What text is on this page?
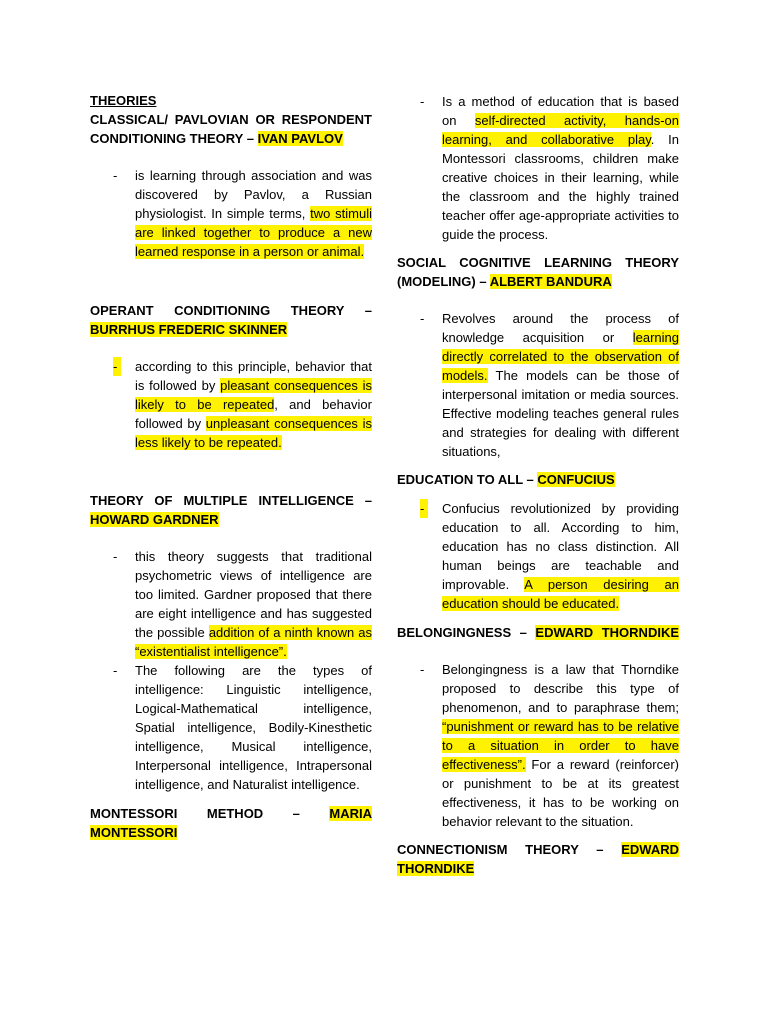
THEORIES
CLASSICAL/ PAVLOVIAN OR RESPONDENT CONDITIONING THEORY – IVAN PAVLOV
- is learning through association and was discovered by Pavlov, a Russian physiologist. In simple terms, two stimuli are linked together to produce a new learned response in a person or animal.
OPERANT CONDITIONING THEORY – BURRHUS FREDERIC SKINNER
-	according to this principle, behavior that is followed by pleasant consequences is likely to be repeated, and behavior followed by unpleasant consequences is less likely to be repeated.
THEORY OF MULTIPLE INTELLIGENCE – HOWARD GARDNER
- this theory suggests that traditional psychometric views of intelligence are too limited. Gardner proposed that there are eight intelligence and has suggested the possible addition of a ninth known as “existentialist intelligence”.
- The following are the types of intelligence: Linguistic intelligence, Logical-Mathematical intelligence, Spatial intelligence, Bodily-Kinesthetic intelligence, Musical intelligence, Interpersonal intelligence, Intrapersonal intelligence, and Naturalist intelligence.
MONTESSORI METHOD – MARIA MONTESSORI
- Is a method of education that is based on self-directed activity, hands-on learning, and collaborative play. In Montessori classrooms, children make creative choices in their learning, while the classroom and the highly trained teacher offer age-appropriate activities to guide the process.
SOCIAL COGNITIVE LEARNING THEORY (MODELING) – ALBERT BANDURA
- Revolves around the process of knowledge acquisition or learning directly correlated to the observation of models. The models can be those of interpersonal imitation or media sources. Effective modeling teaches general rules and strategies for dealing with different situations,
EDUCATION TO ALL – CONFUCIUS
-	Confucius revolutionized by providing education to all. According to him, education has no class distinction. All human beings are teachable and improvable. A person desiring an education should be educated.
BELONGINGNESS – EDWARD THORNDIKE
- Belongingness is a law that Thorndike proposed to describe this type of phenomenon, and to paraphrase them; “punishment or reward has to be relative to a situation in order to have effectiveness”. For a reward (reinforcer) or punishment to be at its greatest effectiveness, it has to be working on behavior relevant to the situation.
CONNECTIONISM THEORY – EDWARD THORNDIKE
